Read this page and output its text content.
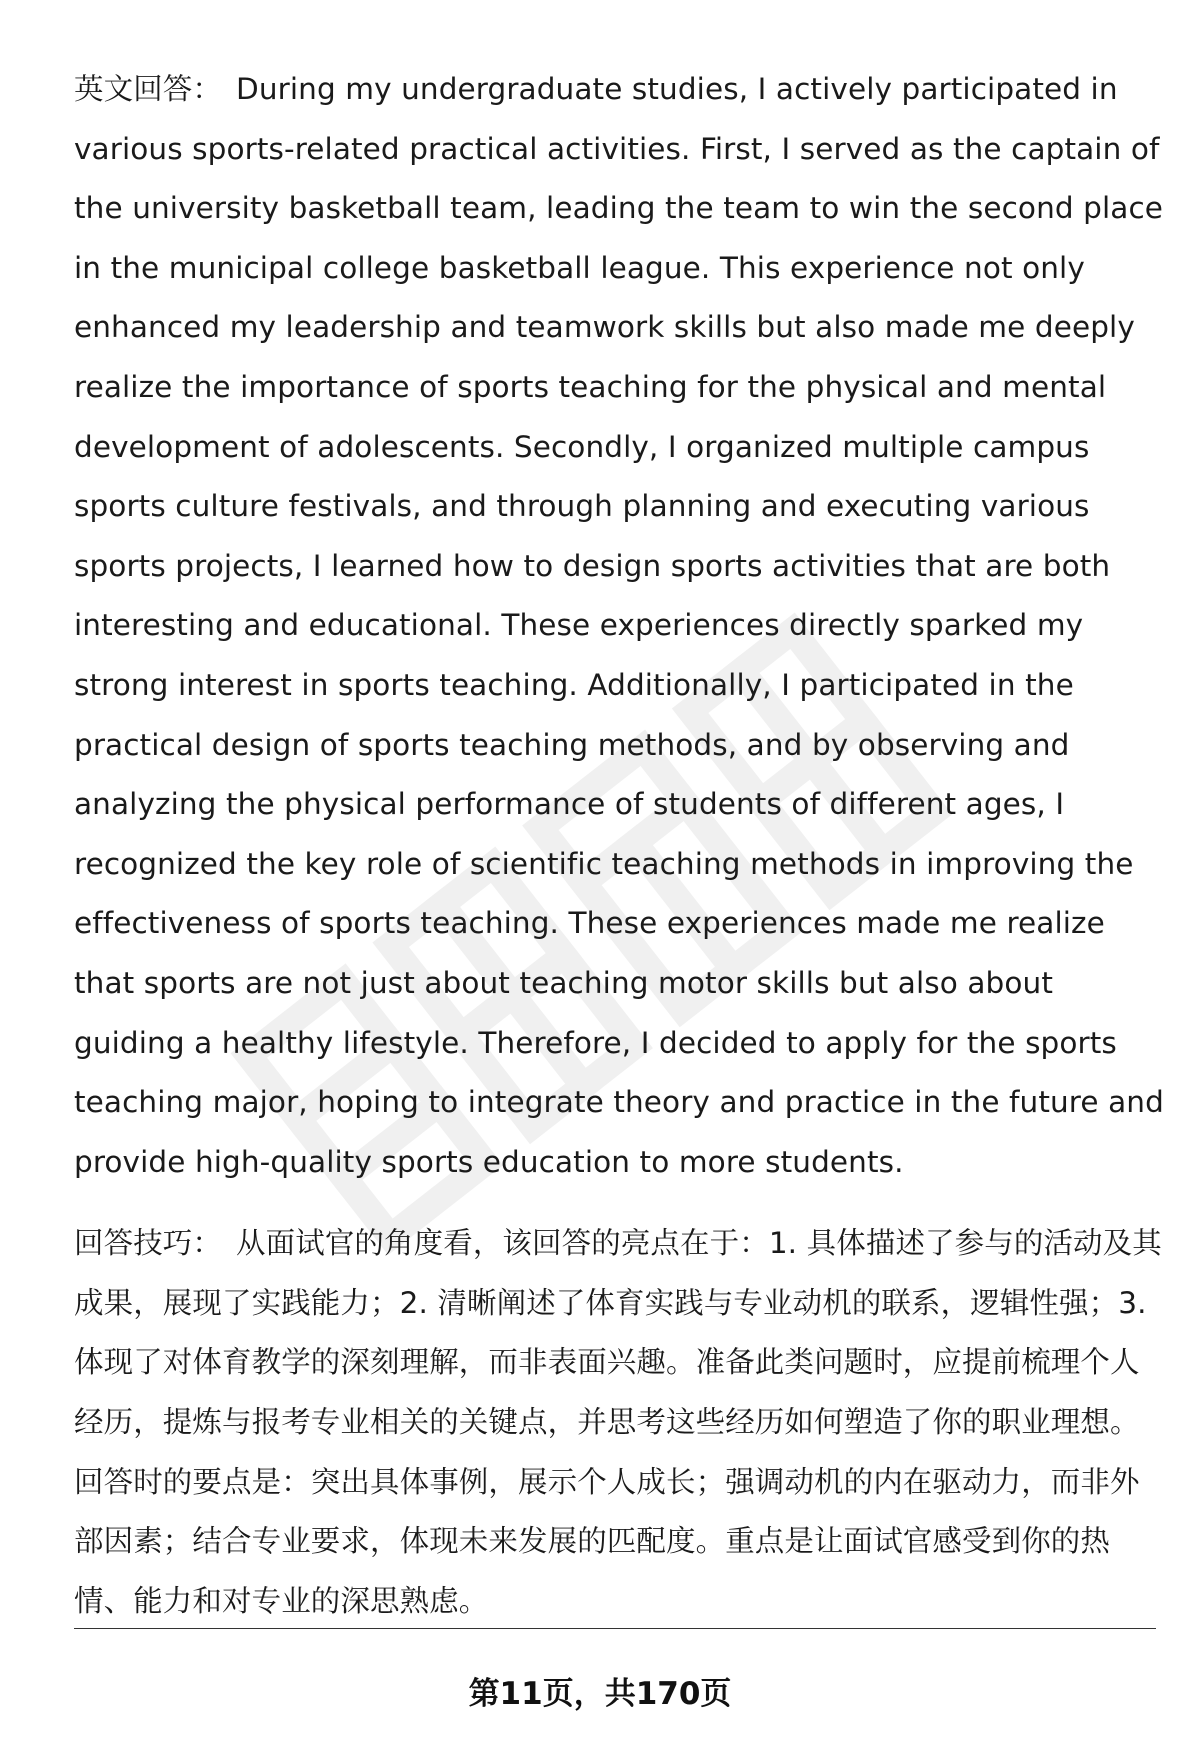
英文回答： During my undergraduate studies, I actively participated in various sports-related practical activities. First, I served as the captain of the university basketball team, leading the team to win the second place in the municipal college basketball league. This experience not only enhanced my leadership and teamwork skills but also made me deeply realize the importance of sports teaching for the physical and mental development of adolescents. Secondly, I organized multiple campus sports culture festivals, and through planning and executing various sports projects, I learned how to design sports activities that are both interesting and educational. These experiences directly sparked my strong interest in sports teaching. Additionally, I participated in the practical design of sports teaching methods, and by observing and analyzing the physical performance of students of different ages, I recognized the key role of scientific teaching methods in improving the effectiveness of sports teaching. These experiences made me realize that sports are not just about teaching motor skills but also about guiding a healthy lifestyle. Therefore, I decided to apply for the sports teaching major, hoping to integrate theory and practice in the future and provide high-quality sports education to more students.

回答技巧： 从面试官的角度看，该回答的亮点在于：1. 具体描述了参与的活动及其成果，展现了实践能力；2. 清晰阐述了体育实践与专业动机的联系，逻辑性强；3. 体现了对体育教学的深刻理解，而非表面兴趣。准备此类问题时，应提前梳理个人经历，提炼与报考专业相关的关键点，并思考这些经历如何塑造了你的职业理想。回答时的要点是：突出具体事例，展示个人成长；强调动机的内在驱动力，而非外部因素；结合专业要求，体现未来发展的匹配度。重点是让面试官感受到你的热情、能力和对专业的深思熟虑。

第11页，共170页
